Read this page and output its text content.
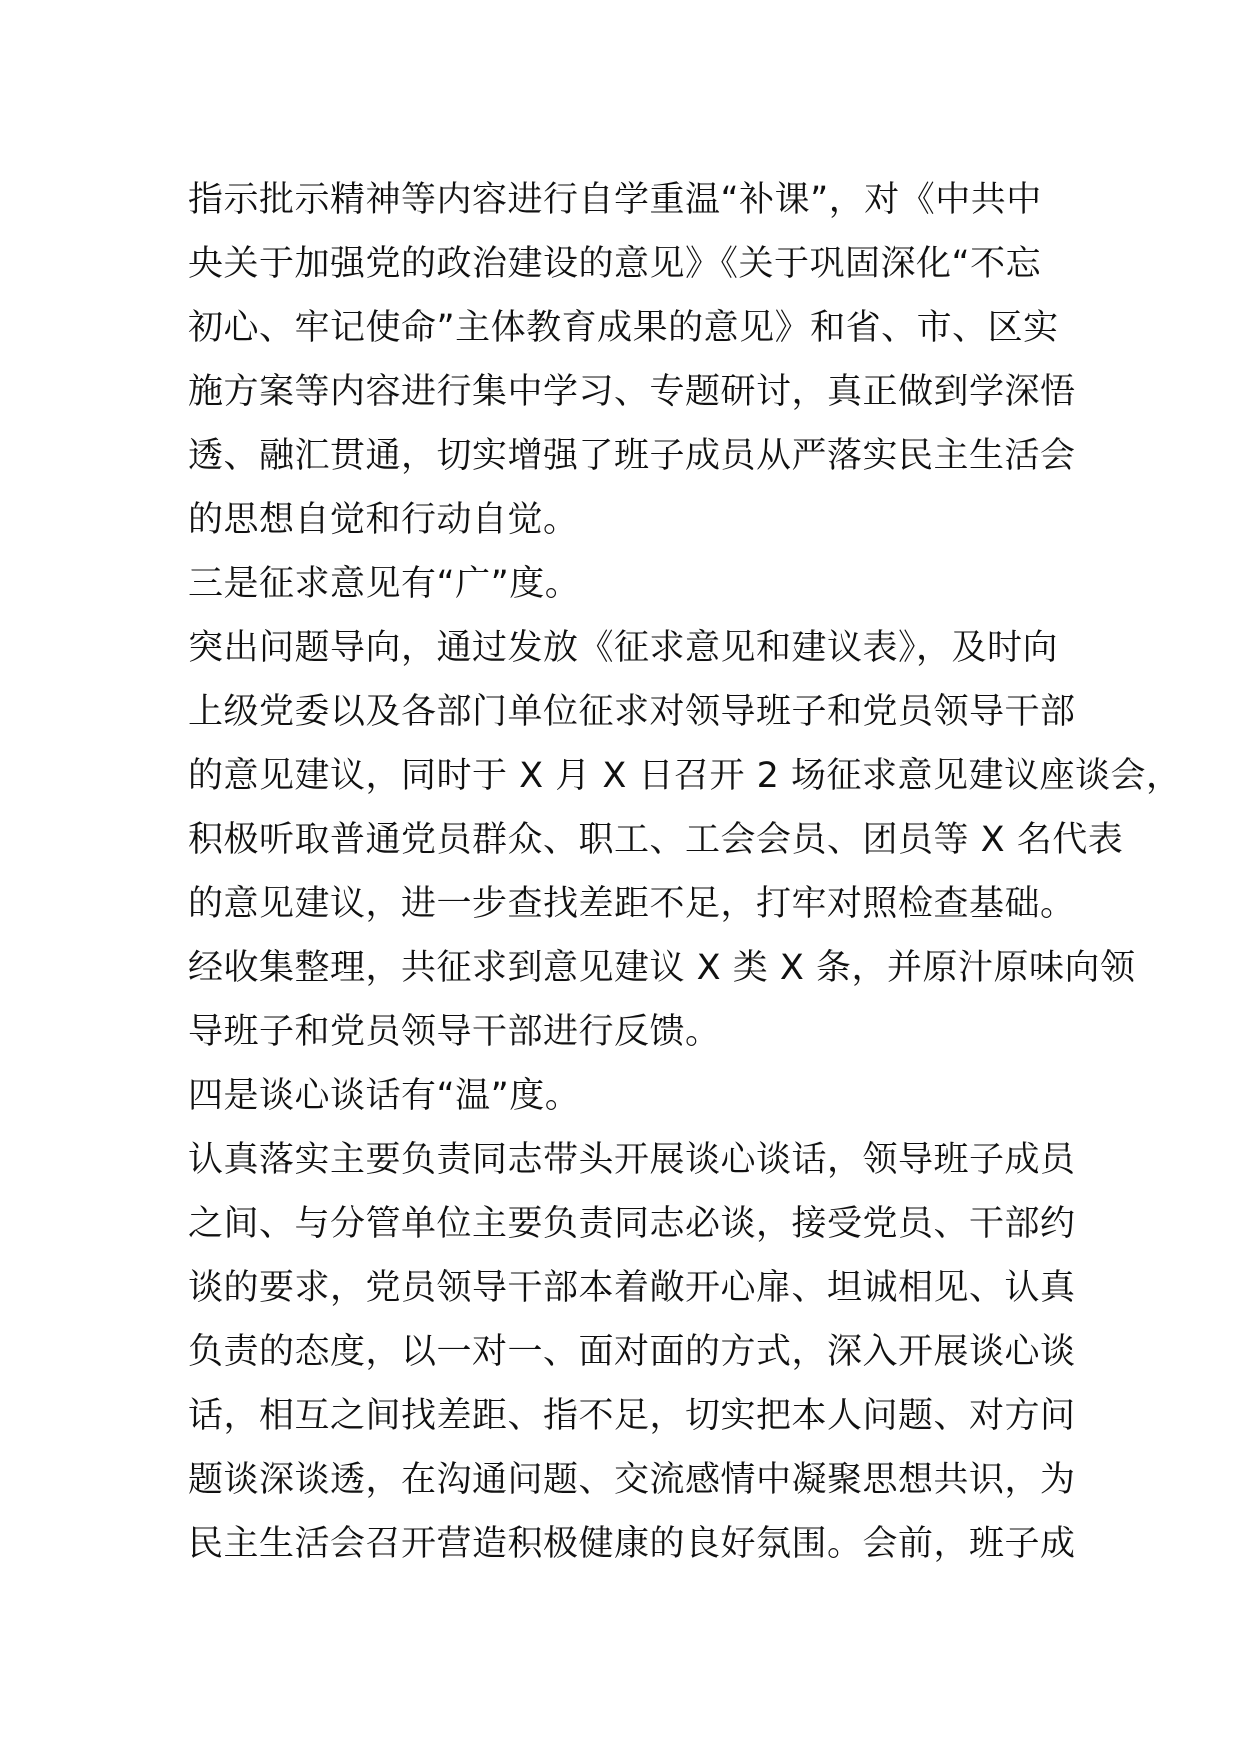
指示批示精神等内容进行自学重温“补课”，对《中共中
央关于加强党的政治建设的意见》《关于巩固深化“不忘
初心、牢记使命”主体教育成果的意见》和省、市、区实
施方案等内容进行集中学习、专题研讨，真正做到学深悟
透、融汇贯通，切实增强了班子成员从严落实民主生活会
的思想自觉和行动自觉。
三是征求意见有“广”度。
突出问题导向，通过发放《征求意见和建议表》，及时向
上级党委以及各部门单位征求对领导班子和党员领导干部
的意见建议，同时于 X 月 X 日召开 2 场征求意见建议座谈会，
积极听取普通党员群众、职工、工会会员、团员等 X 名代表
的意见建议，进一步查找差距不足，打牢对照检查基础。
经收集整理，共征求到意见建议 X 类 X 条，并原汁原味向领
导班子和党员领导干部进行反馈。
四是谈心谈话有“温”度。
认真落实主要负责同志带头开展谈心谈话，领导班子成员
之间、与分管单位主要负责同志必谈，接受党员、干部约
谈的要求，党员领导干部本着敞开心扉、坦诚相见、认真
负责的态度，以一对一、面对面的方式，深入开展谈心谈
话，相互之间找差距、指不足，切实把本人问题、对方问
题谈深谈透，在沟通问题、交流感情中凝聚思想共识，为
民主生活会召开营造积极健康的良好氛围。会前，班子成
